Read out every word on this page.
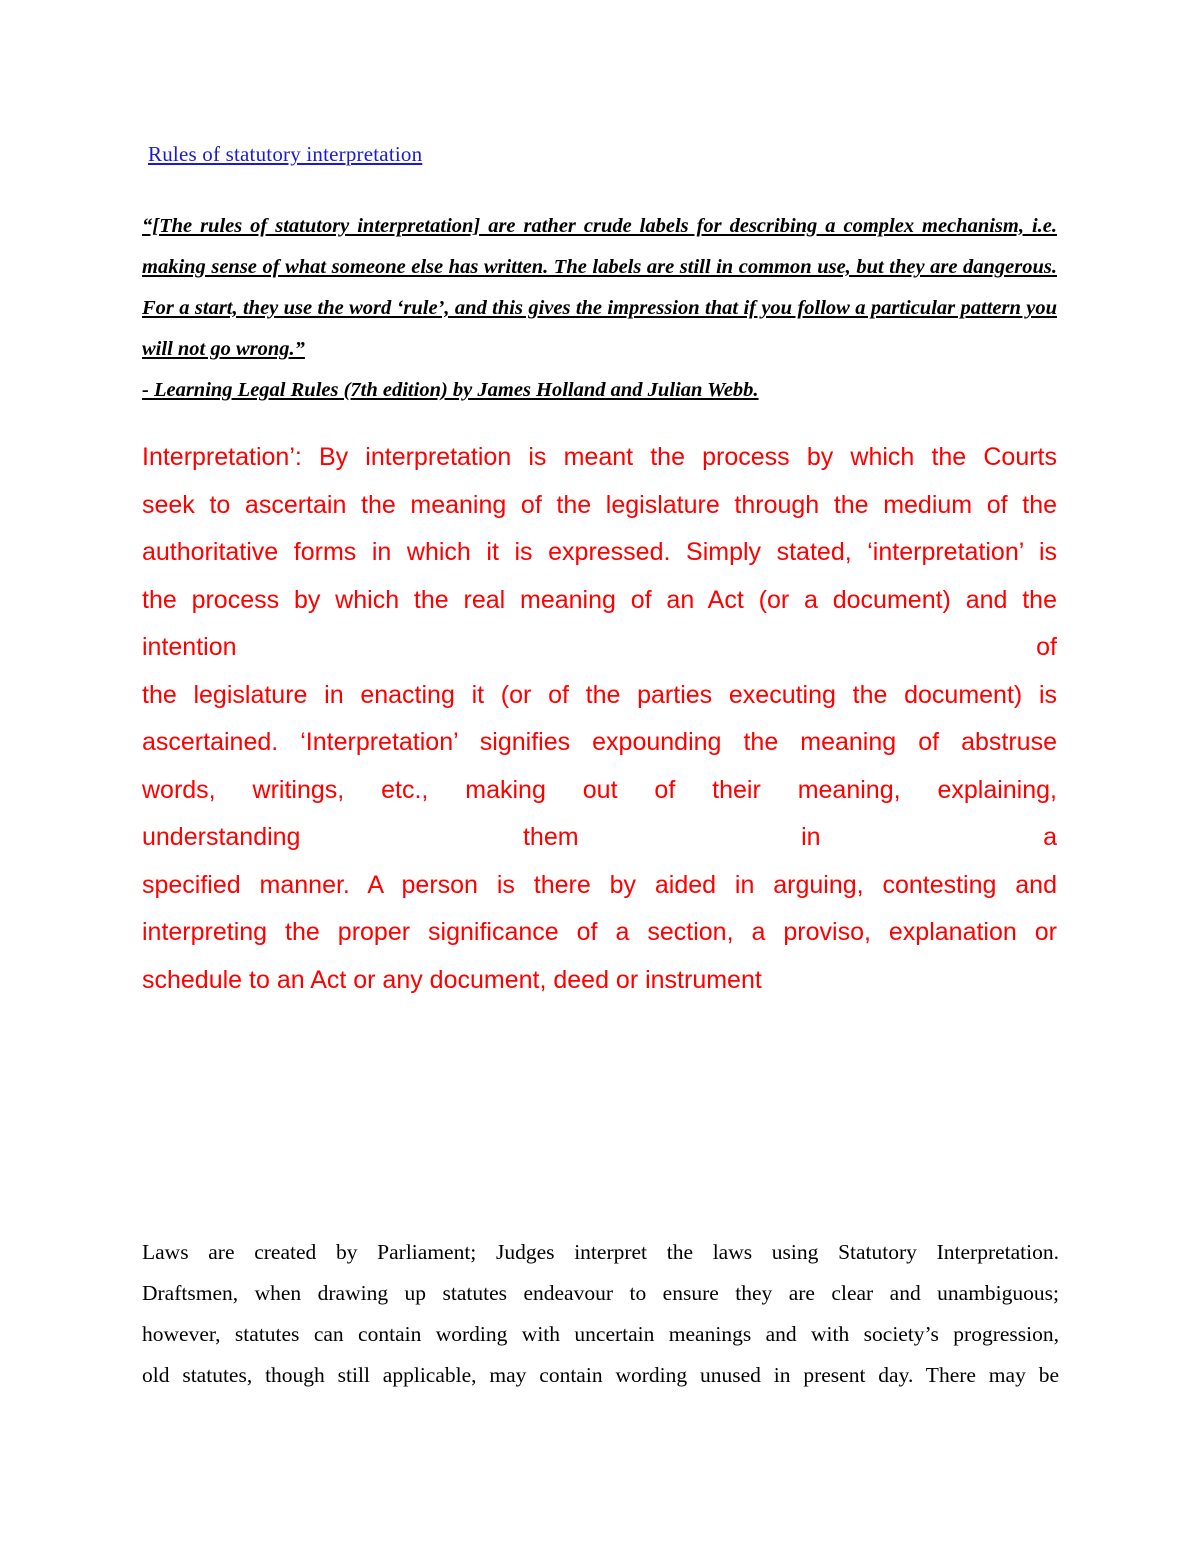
Rules of statutory interpretation

“[The rules of statutory interpretation] are rather crude labels for describing a complex mechanism, i.e. making sense of what someone else has written. The labels are still in common use, but they are dangerous. For a start, they use the word ‘rule’, and this gives the impression that if you follow a particular pattern you will not go wrong.”
- Learning Legal Rules (7th edition) by James Holland and Julian Webb.

Interpretation’: By interpretation is meant the process by which the Courts
seek to ascertain the meaning of the legislature through the medium of the
authoritative forms in which it is expressed. Simply stated, ‘interpretation’ is
the process by which the real meaning of an Act (or a document) and the
intention of
the legislature in enacting it (or of the parties executing the document) is
ascertained. ‘Interpretation’ signifies expounding the meaning of abstruse
words, writings, etc., making out of their meaning, explaining,
understanding them in a
specified manner. A person is there by aided in arguing, contesting and
interpreting the proper significance of a section, a proviso, explanation or
schedule to an Act or any document, deed or instrument
Laws are created by Parliament; Judges interpret the laws using Statutory Interpretation.
Draftsmen, when drawing up statutes endeavour to ensure they are clear and unambiguous;
however, statutes can contain wording with uncertain meanings and with society’s progression,
old statutes, though still applicable, may contain wording unused in present day. There may be
